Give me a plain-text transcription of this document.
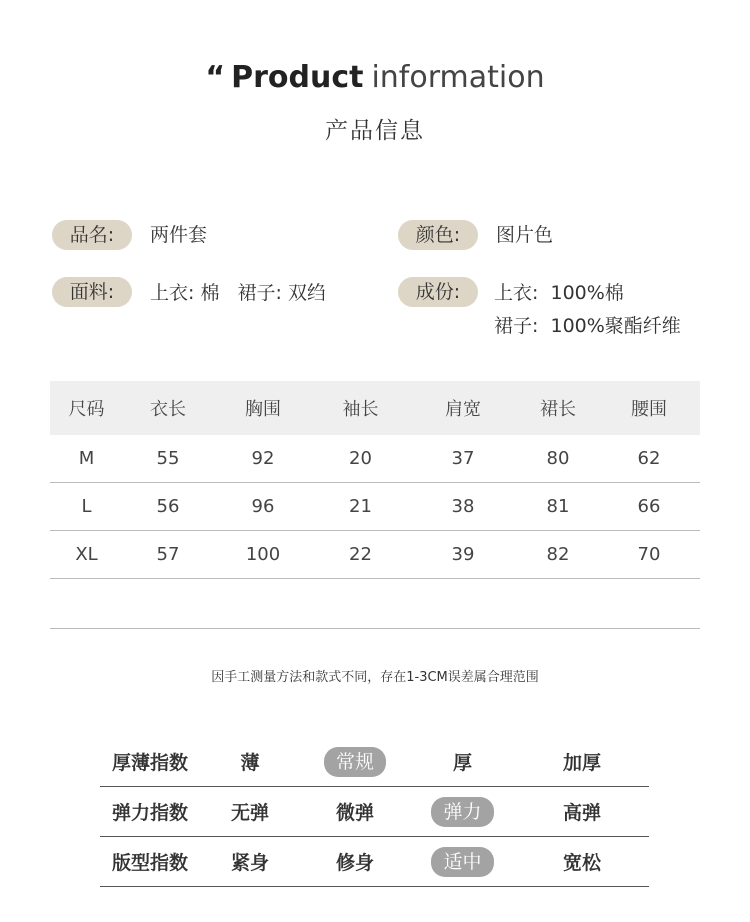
“ Product information
产品信息
品名:	两件套	颜色:	图片色
面料:	上衣: 棉   裙子: 双绉	成份:	上衣:  100%棉
裙子:  100%聚酯纤维
尺码	衣长	胸围	袖长	肩宽	裙长	腰围
M	55	92	20	37	80	62
L	56	96	21	38	81	66
XL	57	100	22	39	82	70
因手工测量方法和款式不同，存在1-3CM误差属合理范围
厚薄指数	薄	常规	厚	加厚
弹力指数	无弹	微弹	弹力	高弹
版型指数	紧身	修身	适中	宽松
